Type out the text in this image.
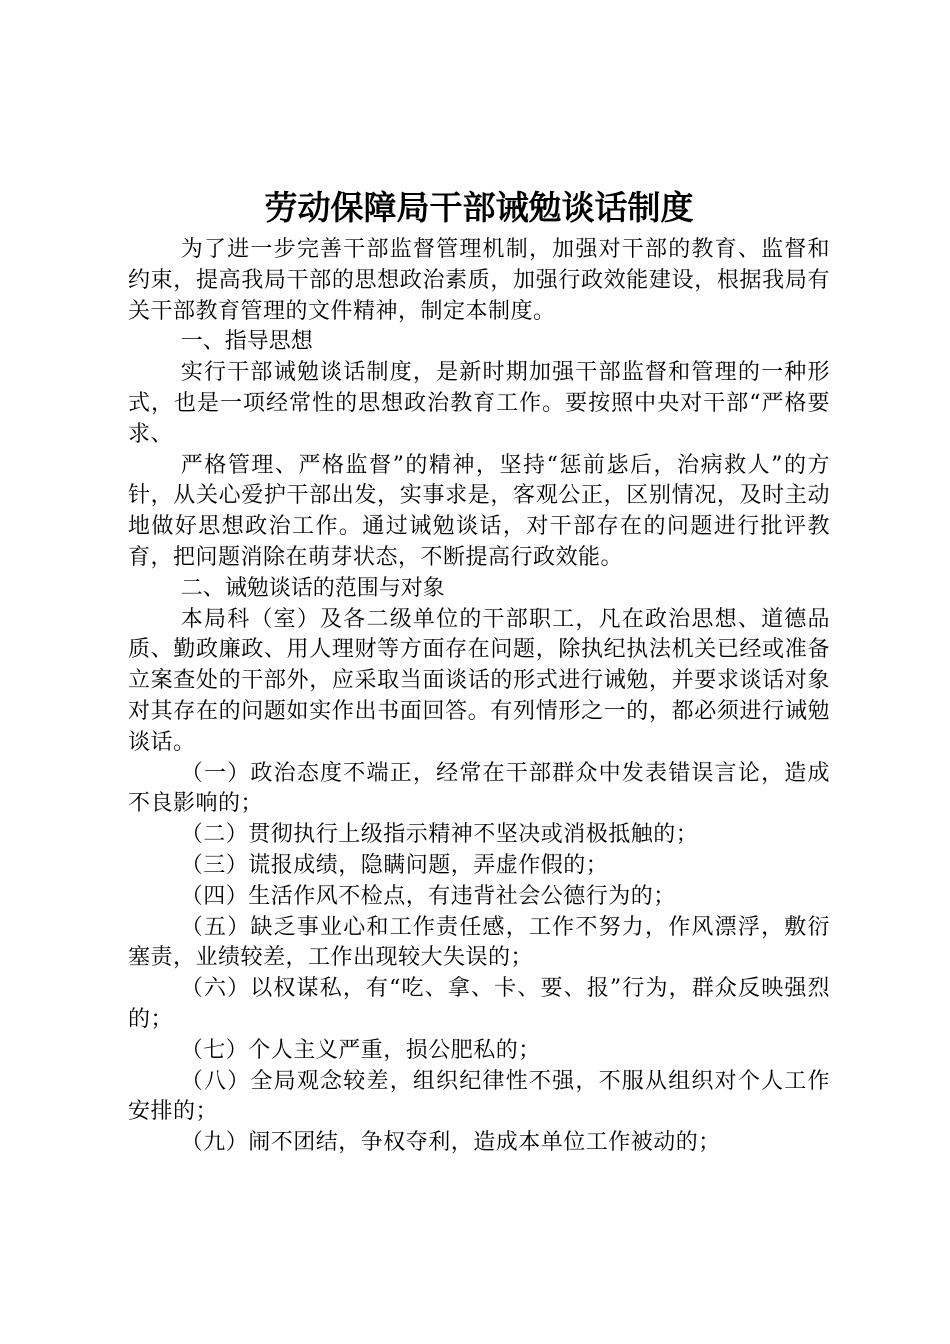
劳动保障局干部诫勉谈话制度

为了进一步完善干部监督管理机制，加强对干部的教育、监督和约束，提高我局干部的思想政治素质，加强行政效能建设，根据我局有关干部教育管理的文件精神，制定本制度。

一、指导思想

实行干部诫勉谈话制度，是新时期加强干部监督和管理的一种形式，也是一项经常性的思想政治教育工作。要按照中央对干部“严格要求、

严格管理、严格监督”的精神，坚持“惩前毖后，治病救人”的方针，从关心爱护干部出发，实事求是，客观公正，区别情况，及时主动地做好思想政治工作。通过诫勉谈话，对干部存在的问题进行批评教育，把问题消除在萌芽状态，不断提高行政效能。

二、诫勉谈话的范围与对象

本局科（室）及各二级单位的干部职工，凡在政治思想、道德品质、勤政廉政、用人理财等方面存在问题，除执纪执法机关已经或准备立案查处的干部外，应采取当面谈话的形式进行诫勉，并要求谈话对象对其存在的问题如实作出书面回答。有列情形之一的，都必须进行诫勉谈话。

（一）政治态度不端正，经常在干部群众中发表错误言论，造成不良影响的；

（二）贯彻执行上级指示精神不坚决或消极抵触的；

（三）谎报成绩，隐瞒问题，弄虚作假的；

（四）生活作风不检点，有违背社会公德行为的；

（五）缺乏事业心和工作责任感，工作不努力，作风漂浮，敷衍塞责，业绩较差，工作出现较大失误的；

（六）以权谋私，有“吃、拿、卡、要、报”行为，群众反映强烈的；

（七）个人主义严重，损公肥私的；

（八）全局观念较差，组织纪律性不强，不服从组织对个人工作安排的；

（九）闹不团结，争权夺利，造成本单位工作被动的；
